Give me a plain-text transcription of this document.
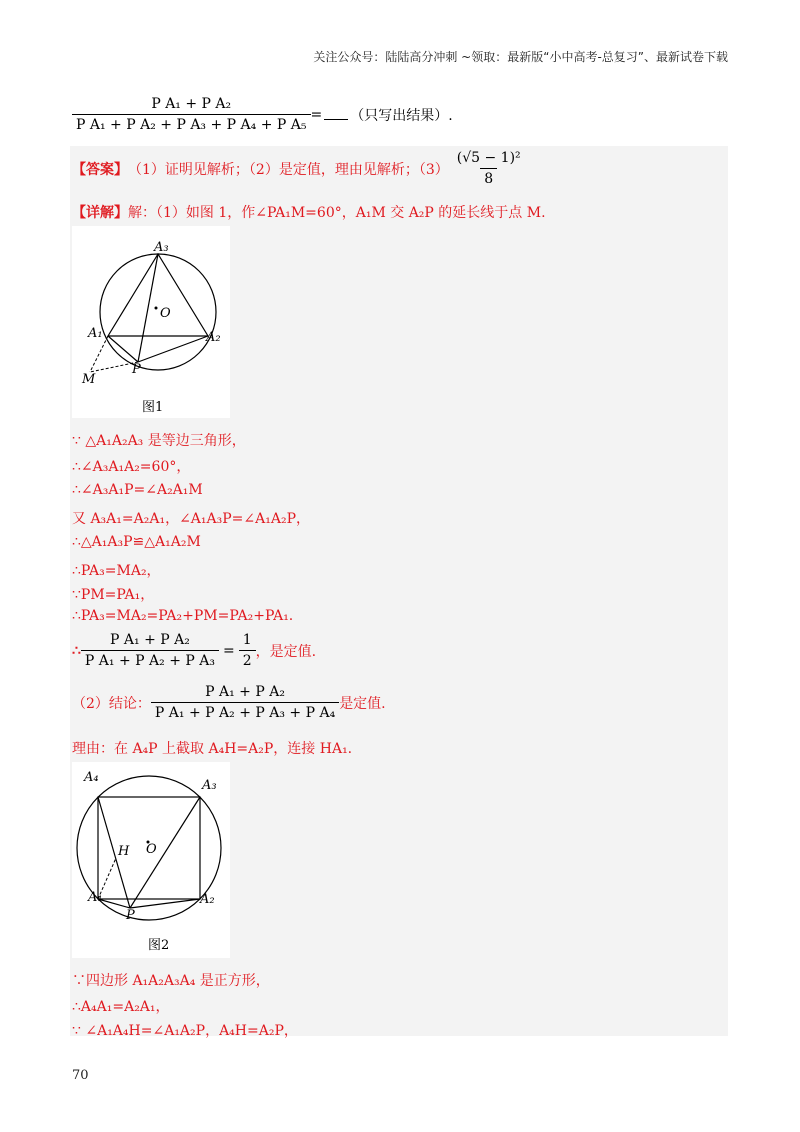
关注公众号：陆陆高分冲刺 ~领取：最新版“小中高考-总复习”、最新试卷下载
$\frac{\text{P A₁ + P A₂}}{\text{P A₁ + P A₂ + P A₃ + P A₄ + P A₅}}$ = （只写出结果）.
【答案】 （1）证明见解析；（2）是定值，理由见解析；$(3) \frac{\text{(√5 − 1)²}}{8}$
【详解】解：（1）如图 1，作∠PA₁M=60°，A₁M 交 A₂P 的延长线于点 M.
A₃
A₁	A₂
O
P
M
图1
∵ △A₁A₂A₃ 是等边三角形，
∴∠A₃A₁A₂=60°，
∴∠A₃A₁P=∠A₂A₁M
又 A₃A₁=A₂A₁，∠A₁A₃P=∠A₁A₂P，
∴△A₁A₃P≌△A₁A₂M
∴PA₃=MA₂，
∵PM=PA₁，
∴PA₃=MA₂=PA₂+PM=PA₂+PA₁.
∴ $\frac{\text{P A₁ + P A₂}}{\text{P A₁ + P A₂ + P A₃}} = \frac{1}{2}$ ，是定值.
（2）结论： $\frac{\text{P A₁ + P A₂}}{\text{P A₁ + P A₂ + P A₃ + P A₄}}$ 是定值.
理由：在 A₄P 上截取 A₄H=A₂P，连接 HA₁.
A₄
A₃
A₁	A₂
O
P
H
图2
∵四边形 A₁A₂A₃A₄ 是正方形，
∴A₄A₁=A₂A₁，
∵ ∠A₁A₄H=∠A₁A₂P，A₄H=A₂P，
70
